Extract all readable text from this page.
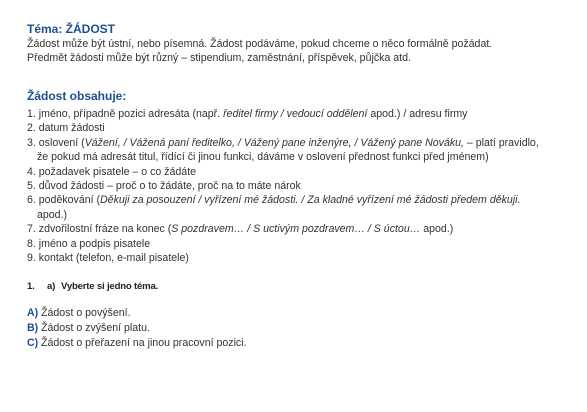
Téma: ŽÁDOST

Žádost může být ústní, nebo písemná. Žádost podáváme, pokud chceme o něco formálně požádat.

Předmět žádosti může být různý – stipendium, zaměstnání, příspěvek, půjčka atd.

Žádost obsahuje:
1. jméno, případně pozici adresáta (např. ředitel firmy / vedoucí oddělení apod.) / adresu firmy
2. datum žádosti
3. oslovení (Vážení, / Vážená paní ředitelko, / Vážený pane inženýre, / Vážený pane Nováku, – platí pravidlo,
že pokud má adresát titul, řídící či jinou funkci, dáváme v oslovení přednost funkci před jménem)
4. požadavek pisatele – o co žádáte
5. důvod žádosti – proč o to žádáte, proč na to máte nárok
6. poděkování (Děkuji za posouzení / vyřízení mé žádosti. / Za kladné vyřízení mé žádosti předem děkuji.
apod.)
7. zdvořilostní fráze na konec (S pozdravem… / S uctivým pozdravem… / S úctou… apod.)
8. jméno a podpis pisatele
9. kontakt (telefon, e-mail pisatele)
1. a) Vyberte si jedno téma.
A) Žádost o povýšení.
B) Žádost o zvýšení platu.
C) Žádost o přeřazení na jinou pracovní pozici.
